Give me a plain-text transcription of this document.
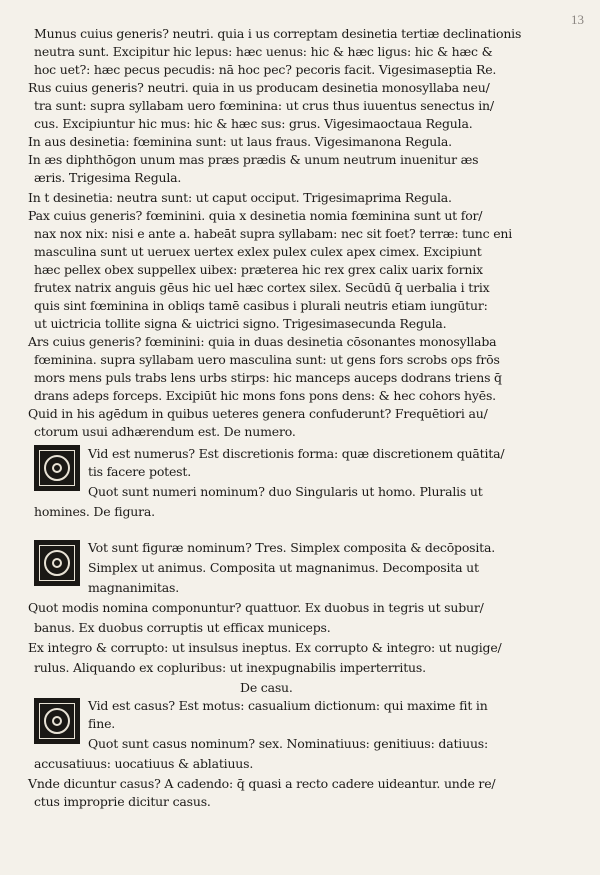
13
Munus cuius generis? neutri. quia i us correptam desinetia tertiæ declinationis
neutra sunt. Excipitur hic lepus: hæc uenus: hic & hæc ligus: hic & hæc &
hoc uet?: hæc pecus pecudis: nā hoc pec? pecoris facit. Vigesimaseptia Re.
Rus cuius generis? neutri. quia in us producam desinetia monosyllaba neu/
tra sunt: supra syllabam uero fœminina: ut crus thus iuuentus senectus in/
cus. Excipiuntur hic mus: hic & hæc sus: grus. Vigesimaoctaua Regula.
In aus desinetia: fœminina sunt: ut laus fraus. Vigesimanona Regula.
In æs diphthōgon unum mas præs prædis & unum neutrum inuenitur æs
æris. Trigesima Regula.
In t desinetia: neutra sunt: ut caput occiput. Trigesimaprima Regula.
Pax cuius generis? fœminini. quia x desinetia nomia fœminina sunt ut for/
nax nox nix: nisi e ante a. habeāt supra syllabam: nec sit foet? terræ: tunc eni
masculina sunt ut ueruex uertex exlex pulex culex apex cimex. Excipiunt
hæc pellex obex suppellex uibex: præterea hic rex grex calix uarix fornix
frutex natrix anguis gēus hic uel hæc cortex silex. Secūdū q̄ uerbalia i trix
quis sint fœminina in obliqs tamē casibus i plurali neutris etiam iungūtur:
ut uictricia tollite signa & uictrici signo. Trigesimasecunda Regula.
Ars cuius generis? fœminini: quia in duas desinetia cōsonantes monosyllaba
fœminina. supra syllabam uero masculina sunt: ut gens fors scrobs ops frōs
mors mens puls trabs lens urbs stirps: hic manceps auceps dodrans triens q̄
drans adeps forceps. Excipiūt hic mons fons pons dens: & hec cohors hyēs.
Quid in his agēdum in quibus ueteres genera confuderunt? Frequētiori au/
ctorum usui adhærendum est. De numero.
Vid est numerus? Est discretionis forma: quæ discretionem quātita/
tis facere potest.
Quot sunt numeri nominum? duo Singularis ut homo. Pluralis ut
homines. De figura.
Vot sunt figuræ nominum? Tres. Simplex composita & decōposita.
Simplex ut animus. Composita ut magnanimus. Decomposita ut
magnanimitas.
Quot modis nomina componuntur? quattuor. Ex duobus in tegris ut subur/
banus. Ex duobus corruptis ut efficax municeps.
Ex integro & corrupto: ut insulsus ineptus. Ex corrupto & integro: ut nugige/
rulus. Aliquando ex copluribus: ut inexpugnabilis imperterritus.
De casu.
Vid est casus? Est motus: casualium dictionum: qui maxime fit in
fine.
Quot sunt casus nominum? sex. Nominatiuus: genitiuus: datiuus:
accusatiuus: uocatiuus & ablatiuus.
Vnde dicuntur casus? A cadendo: q̄ quasi a recto cadere uideantur. unde re/
ctus improprie dicitur casus.
